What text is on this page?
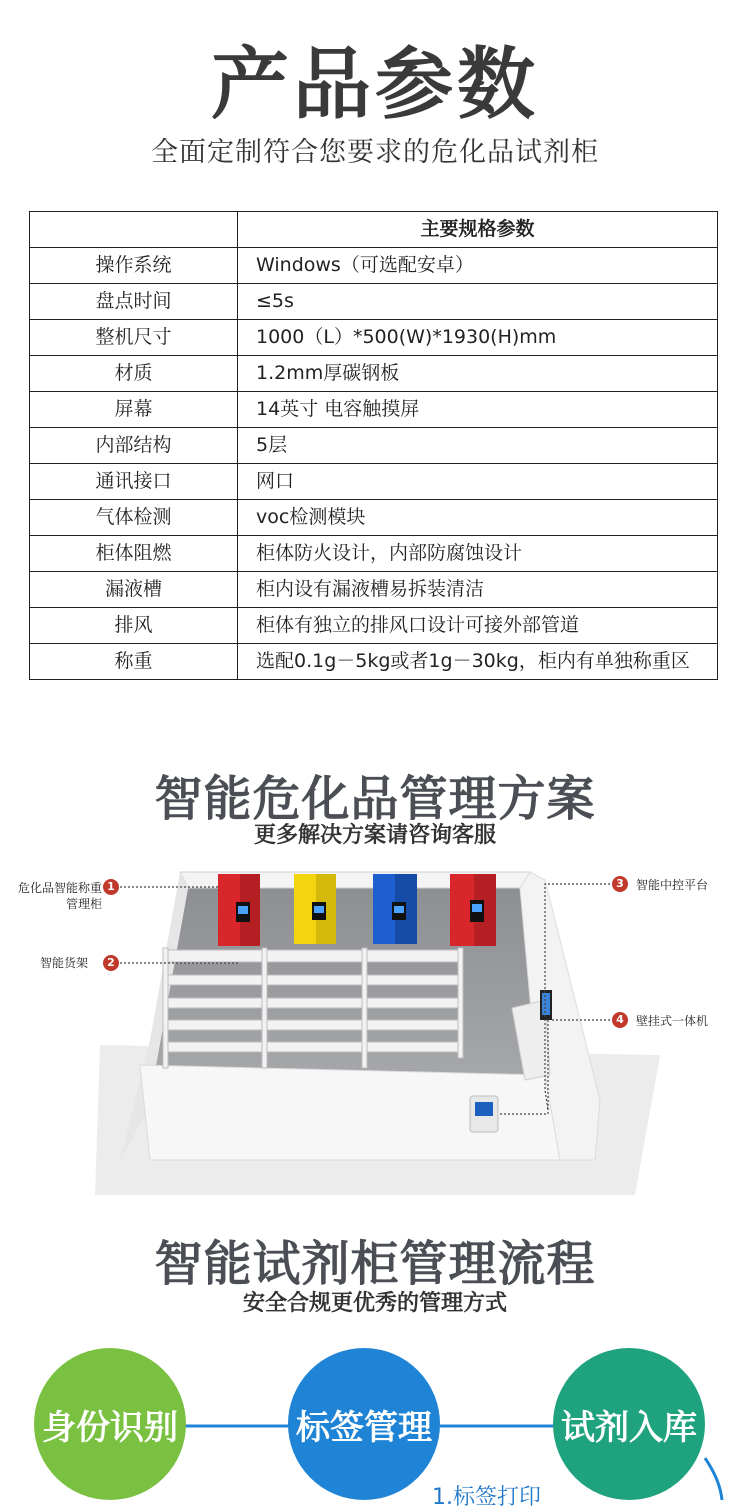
产品参数
全面定制符合您要求的危化品试剂柜
	主要规格参数
操作系统	Windows（可选配安卓）
盘点时间	≤5s
整机尺寸	1000（L）*500(W)*1930(H)mm
材质	1.2mm厚碳钢板
屏幕	14英寸 电容触摸屏
内部结构	5层
通讯接口	网口
气体检测	voc检测模块
柜体阻燃	柜体防火设计，内部防腐蚀设计
漏液槽	柜内设有漏液槽易拆装清洁
排风	柜体有独立的排风口设计可接外部管道
称重	选配0.1g－5kg或者1g－30kg，柜内有单独称重区
智能危化品管理方案
更多解决方案请咨询客服
危化品智能称重
管理柜
1
智能货架	2
3	智能中控平台
4	壁挂式一体机
智能试剂柜管理流程
安全合规更优秀的管理方式
身份识别	标签管理	试剂入库
1.标签打印
